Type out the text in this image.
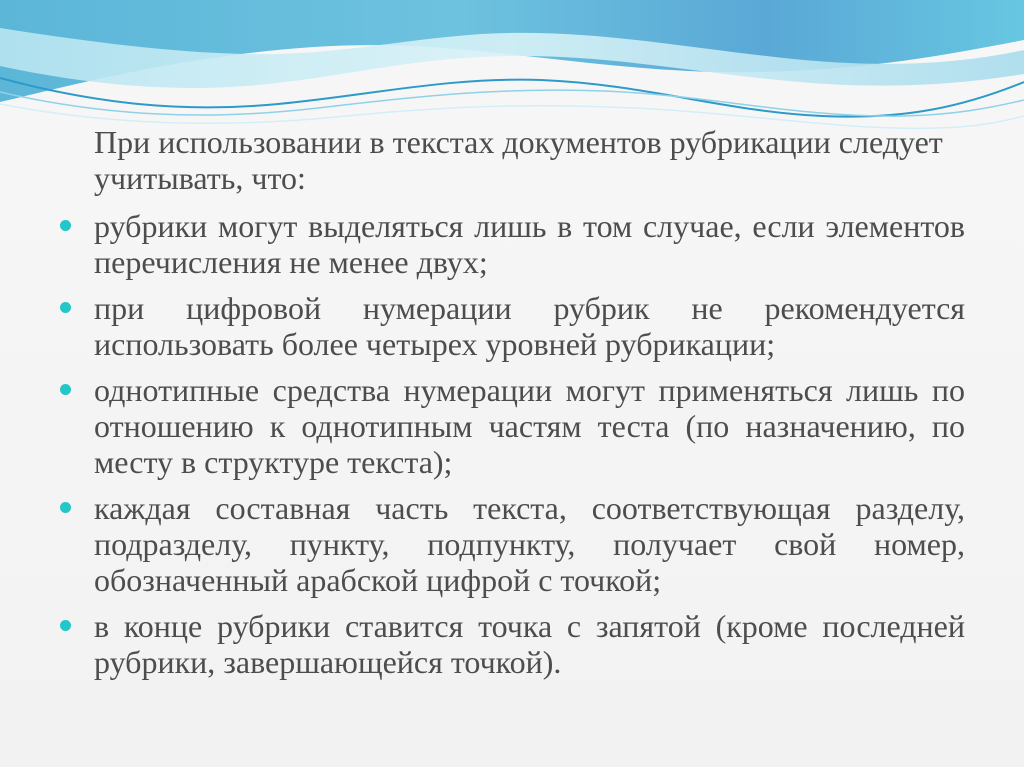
При использовании в текстах документов рубрикации следует учитывать, что:
рубрики могут выделяться лишь в том случае, если элементов перечисления не менее двух;
при цифровой нумерации рубрик не рекомендуется использовать более четырех уровней рубрикации;
однотипные средства нумерации могут применяться лишь по отношению к однотипным частям теста (по назначению, по месту в структуре текста);
каждая составная часть текста, соответствующая разделу, подразделу, пункту, подпункту, получает свой номер, обозначенный арабской цифрой с точкой;
в конце рубрики ставится точка с запятой (кроме последней рубрики, завершающейся точкой).
